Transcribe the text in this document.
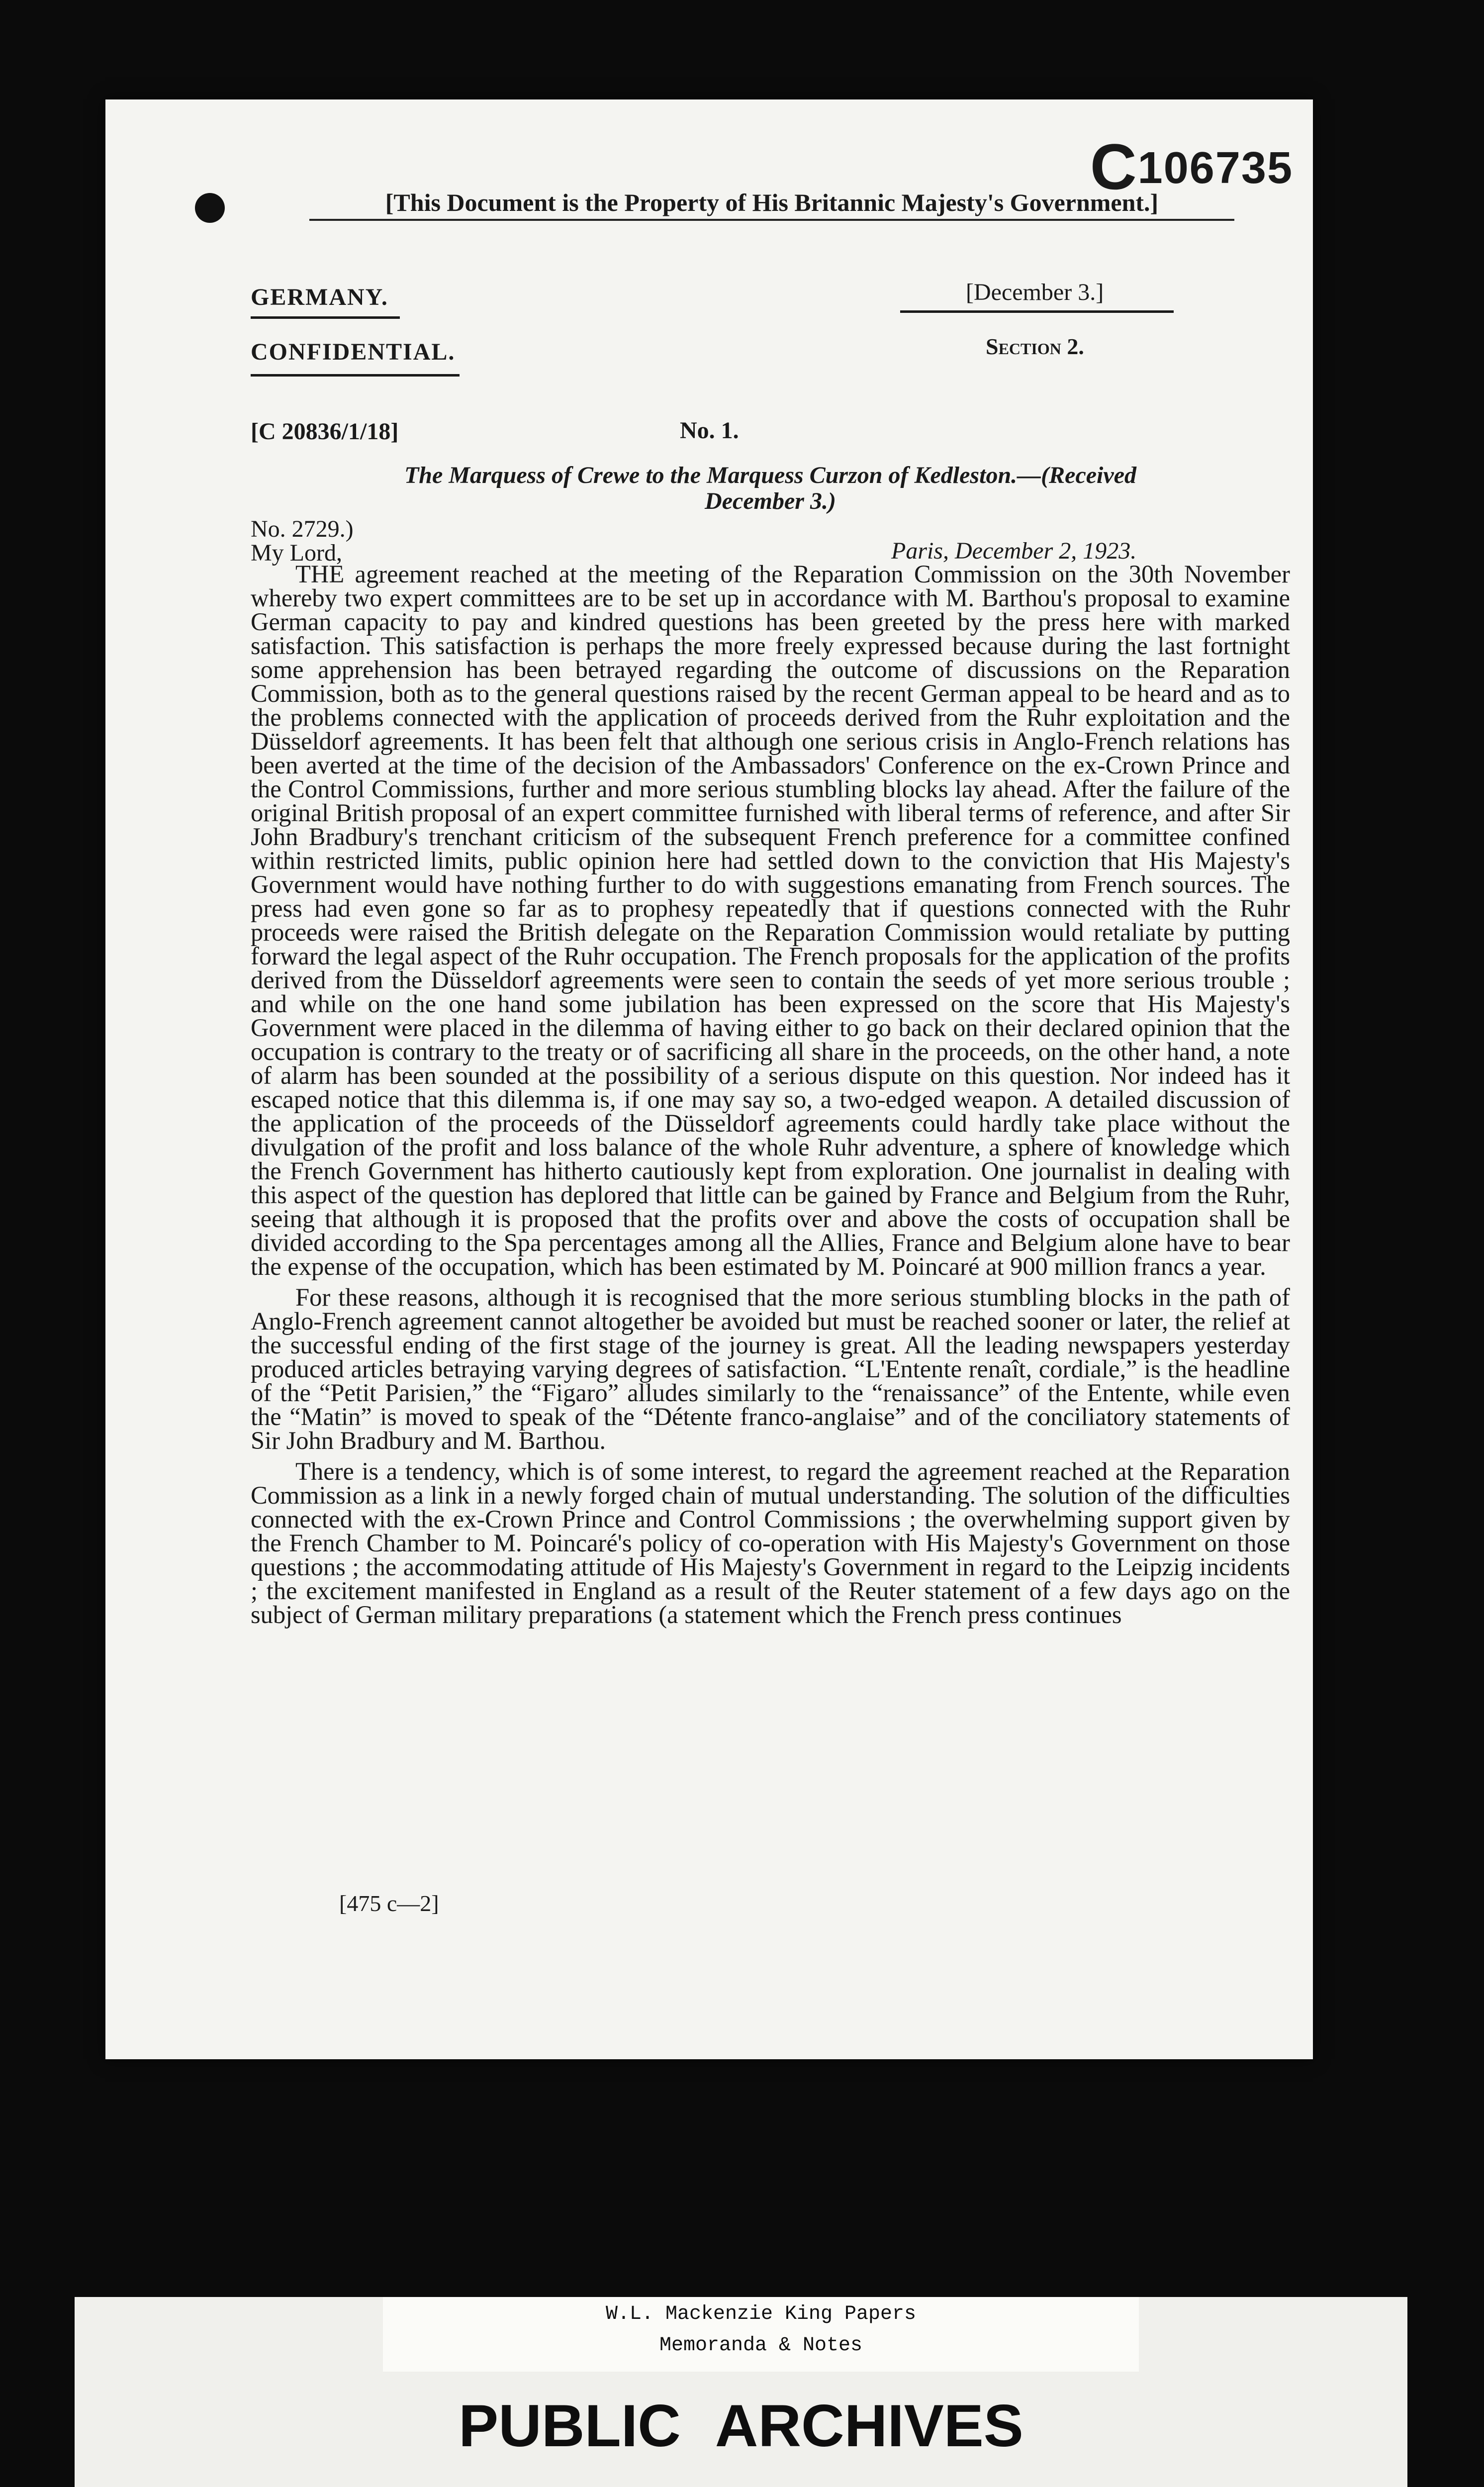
C106735
[This Document is the Property of His Britannic Majesty's Government.]
GERMANY.
CONFIDENTIAL.
[December 3.]
Section 2.
[C 20836/1/18]	No. 1.
The Marquess of Crewe to the Marquess Curzon of Kedleston.—(Received
December 3.)
No. 2729.)
My Lord,	Paris, December 2, 1923.

THE agreement reached at the meeting of the Reparation Commission on the 30th November whereby two expert committees are to be set up in accordance with M. Barthou's proposal to examine German capacity to pay and kindred questions has been greeted by the press here with marked satisfaction. This satisfaction is perhaps the more freely expressed because during the last fortnight some apprehension has been betrayed regarding the outcome of discussions on the Reparation Commission, both as to the general questions raised by the recent German appeal to be heard and as to the problems connected with the application of proceeds derived from the Ruhr exploitation and the Düsseldorf agreements. It has been felt that although one serious crisis in Anglo-French relations has been averted at the time of the decision of the Ambassadors' Conference on the ex-Crown Prince and the Control Commissions, further and more serious stumbling blocks lay ahead. After the failure of the original British proposal of an expert committee furnished with liberal terms of reference, and after Sir John Bradbury's trenchant criticism of the subsequent French preference for a committee confined within restricted limits, public opinion here had settled down to the conviction that His Majesty's Government would have nothing further to do with suggestions emanating from French sources. The press had even gone so far as to prophesy repeatedly that if questions connected with the Ruhr proceeds were raised the British delegate on the Reparation Commission would retaliate by putting forward the legal aspect of the Ruhr occupation. The French proposals for the application of the profits derived from the Düsseldorf agreements were seen to contain the seeds of yet more serious trouble ; and while on the one hand some jubilation has been expressed on the score that His Majesty's Government were placed in the dilemma of having either to go back on their declared opinion that the occupation is contrary to the treaty or of sacrificing all share in the proceeds, on the other hand, a note of alarm has been sounded at the possibility of a serious dispute on this question. Nor indeed has it escaped notice that this dilemma is, if one may say so, a two-edged weapon. A detailed discussion of the application of the proceeds of the Düsseldorf agreements could hardly take place without the divulgation of the profit and loss balance of the whole Ruhr adventure, a sphere of knowledge which the French Government has hitherto cautiously kept from exploration. One journalist in dealing with this aspect of the question has deplored that little can be gained by France and Belgium from the Ruhr, seeing that although it is proposed that the profits over and above the costs of occupation shall be divided according to the Spa percentages among all the Allies, France and Belgium alone have to bear the expense of the occupation, which has been estimated by M. Poincaré at 900 million francs a year.

For these reasons, although it is recognised that the more serious stumbling blocks in the path of Anglo-French agreement cannot altogether be avoided but must be reached sooner or later, the relief at the successful ending of the first stage of the journey is great. All the leading newspapers yesterday produced articles betraying varying degrees of satisfaction. “L'Entente renaît, cordiale,” is the headline of the “Petit Parisien,” the “Figaro” alludes similarly to the “renaissance” of the Entente, while even the “Matin” is moved to speak of the “Détente franco-anglaise” and of the conciliatory statements of Sir John Bradbury and M. Barthou.

There is a tendency, which is of some interest, to regard the agreement reached at the Reparation Commission as a link in a newly forged chain of mutual understanding. The solution of the difficulties connected with the ex-Crown Prince and Control Commissions ; the overwhelming support given by the French Chamber to M. Poincaré's policy of co-operation with His Majesty's Government on those questions ; the accommodating attitude of His Majesty's Government in regard to the Leipzig incidents ; the excitement manifested in England as a result of the Reuter statement of a few days ago on the subject of German military preparations (a statement which the French press continues

[475 c—2]
W.L. Mackenzie King Papers
Memoranda & Notes
PUBLIC ARCHIVES
